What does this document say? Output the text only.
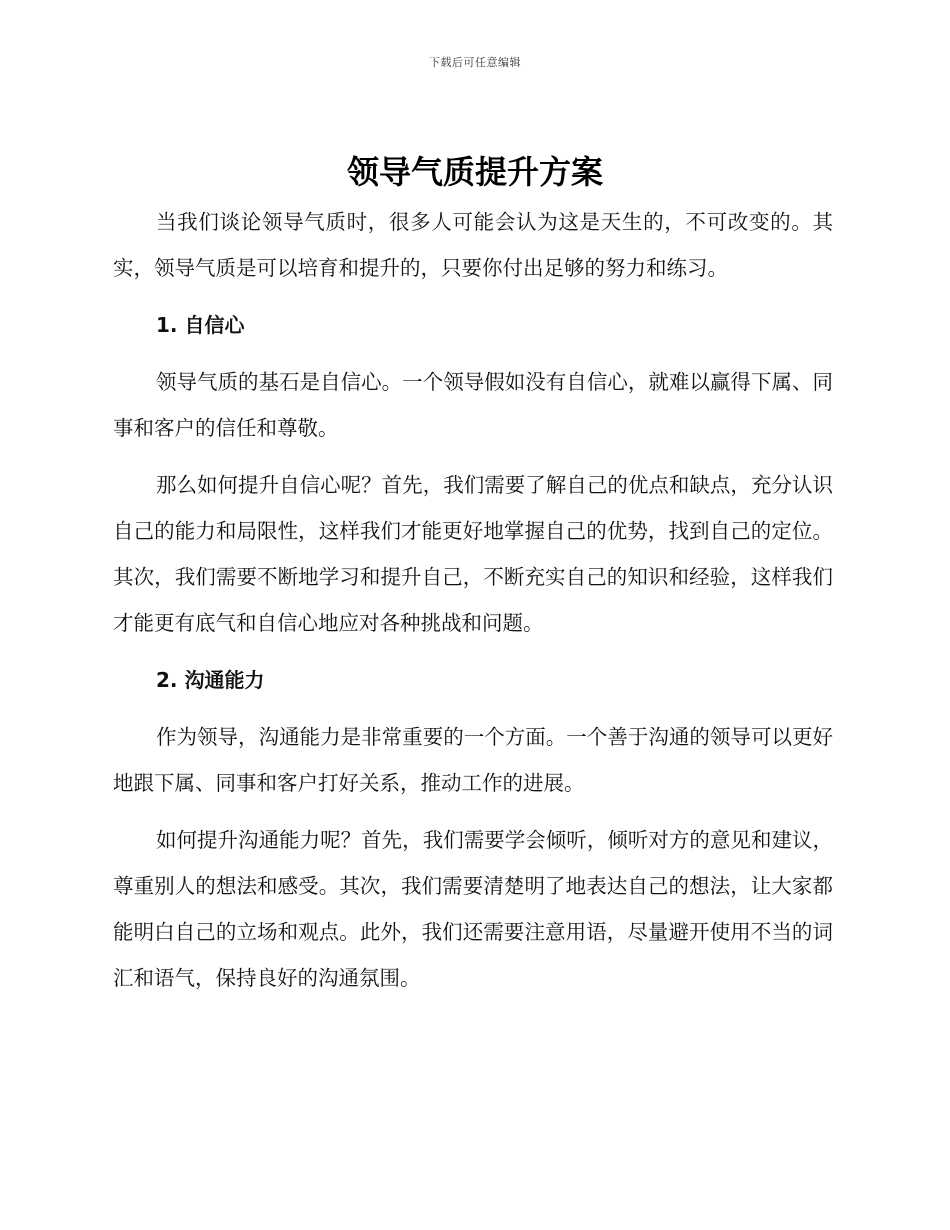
下载后可任意编辑
领导气质提升方案

当我们谈论领导气质时，很多人可能会认为这是天生的，不可改变的。其实，领导气质是可以培育和提升的，只要你付出足够的努力和练习。

1. 自信心

领导气质的基石是自信心。一个领导假如没有自信心，就难以赢得下属、同事和客户的信任和尊敬。

那么如何提升自信心呢？首先，我们需要了解自己的优点和缺点，充分认识自己的能力和局限性，这样我们才能更好地掌握自己的优势，找到自己的定位。其次，我们需要不断地学习和提升自己，不断充实自己的知识和经验，这样我们才能更有底气和自信心地应对各种挑战和问题。

2. 沟通能力

作为领导，沟通能力是非常重要的一个方面。一个善于沟通的领导可以更好地跟下属、同事和客户打好关系，推动工作的进展。

如何提升沟通能力呢？首先，我们需要学会倾听，倾听对方的意见和建议，尊重别人的想法和感受。其次，我们需要清楚明了地表达自己的想法，让大家都能明白自己的立场和观点。此外，我们还需要注意用语，尽量避开使用不当的词汇和语气，保持良好的沟通氛围。
